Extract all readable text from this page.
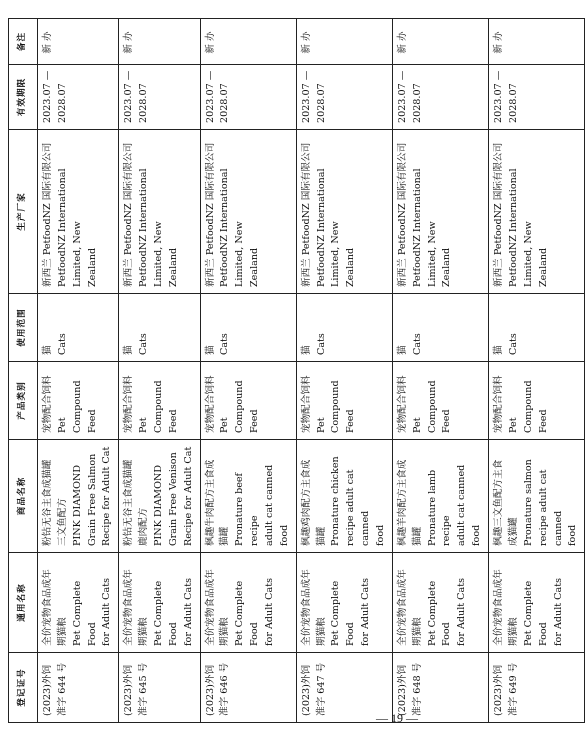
登记证号	通用名称	商品名称	产品类别	使用范围	生产厂家	有效期限	备注

(2023)外饲 准字 644 号	全价宠物食品成年 期猫粮 Pet Complete Food for Adult Cats	粉钻无谷主食成猫罐 三文鱼配方 PINK DIAMOND Grain Free Salmon Recipe for Adult Cat	宠物配合饲料 Pet Compound Feed	猫 Cats	新西兰 PetfoodNZ 国际有限公司 PetfoodNZ International Limited, New Zealand	2023.07 — 2028.07	新办

(2023)外饲 准字 645 号	全价宠物食品成年 期猫粮 Pet Complete Food for Adult Cats	粉钻无谷主食成猫罐 鹿肉配方 PINK DIAMOND Grain Free Venison Recipe for Adult Cat	宠物配合饲料 Pet Compound Feed	猫 Cats	新西兰 PetfoodNZ 国际有限公司 PetfoodNZ International Limited, New Zealand	2023.07 — 2028.07	新办

(2023)外饲 准字 646 号	全价宠物食品成年 期猫粮 Pet Complete Food for Adult Cats	枫趣牛肉配方主食成 猫罐 Pronature beef recipe adult cat canned food	宠物配合饲料 Pet Compound Feed	猫 Cats	新西兰 PetfoodNZ 国际有限公司 PetfoodNZ International Limited, New Zealand	2023.07 — 2028.07	新办

(2023)外饲 准字 647 号	全价宠物食品成年 期猫粮 Pet Complete Food for Adult Cats	枫趣鸡肉配方主食成 猫罐 Pronature chicken recipe adult cat canned food	宠物配合饲料 Pet Compound Feed	猫 Cats	新西兰 PetfoodNZ 国际有限公司 PetfoodNZ International Limited, New Zealand	2023.07 — 2028.07	新办

(2023)外饲 准字 648 号	全价宠物食品成年 期猫粮 Pet Complete Food for Adult Cats	枫趣羊肉配方主食成 猫罐 Pronature lamb recipe adult cat canned food	宠物配合饲料 Pet Compound Feed	猫 Cats	新西兰 PetfoodNZ 国际有限公司 PetfoodNZ International Limited, New Zealand	2023.07 — 2028.07	新办

(2023)外饲 准字 649 号	全价宠物食品成年 期猫粮 Pet Complete Food for Adult Cats	枫趣三文鱼配方主食 成猫罐 Pronature salmon recipe adult cat canned food	宠物配合饲料 Pet Compound Feed	猫 Cats	新西兰 PetfoodNZ 国际有限公司 PetfoodNZ International Limited, New Zealand	2023.07 — 2028.07	新办
— 19 —
